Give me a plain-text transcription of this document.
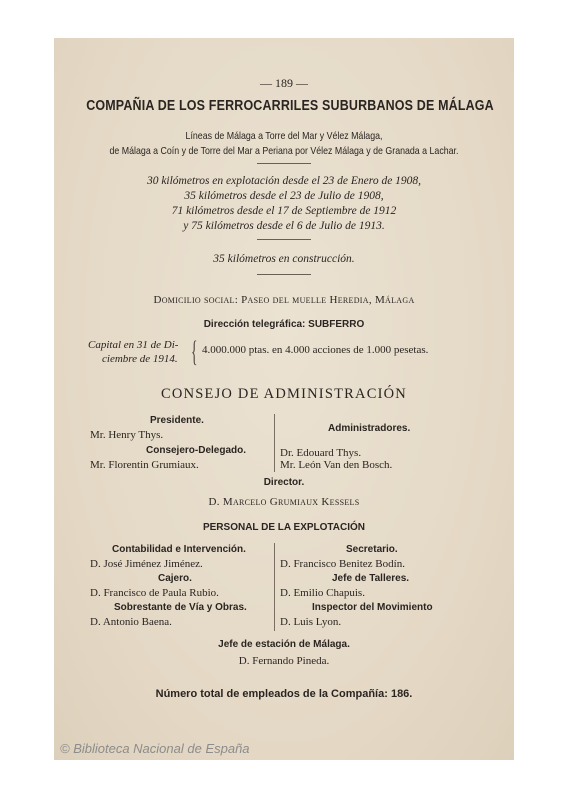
— 189 —
COMPAÑIA DE LOS FERROCARRILES SUBURBANOS DE MÁLAGA
Líneas de Málaga a Torre del Mar y Vélez Málaga,
de Málaga a Coín y de Torre del Mar a Periana por Vélez Málaga y de Granada a Lachar.
30 kilómetros en explotación desde el 23 de Enero de 1908,
35 kilómetros desde el 23 de Julio de 1908,
71 kilómetros desde el 17 de Septiembre de 1912
y 75 kilómetros desde el 6 de Julio de 1913.
35 kilómetros en construcción.
Domicilio social: Paseo del muelle Heredia, Málaga
Dirección telegráfica: SUBFERRO
Capital en 31 de Di-
ciembre de 1914. { 4.000.000 ptas. en 4.000 acciones de 1.000 pesetas.
CONSEJO DE ADMINISTRACIÓN
Presidente.
Mr. Henry Thys.
Consejero-Delegado.
Mr. Florentin Grumiaux.
Administradores.
Dr. Edouard Thys.
Mr. León Van den Bosch.
Director.
D. Marcelo Grumiaux Kessels
PERSONAL DE LA EXPLOTACIÓN
Contabilidad e Intervención.
D. José Jiménez Jiménez.
Cajero.
D. Francisco de Paula Rubio.
Sobrestante de Vía y Obras.
D. Antonio Baena.
Secretario.
D. Francisco Benitez Bodín.
Jefe de Talleres.
D. Emilio Chapuis.
Inspector del Movimiento
D. Luis Lyon.
Jefe de estación de Málaga.
D. Fernando Pineda.
Número total de empleados de la Compañía: 186.
© Biblioteca Nacional de España
